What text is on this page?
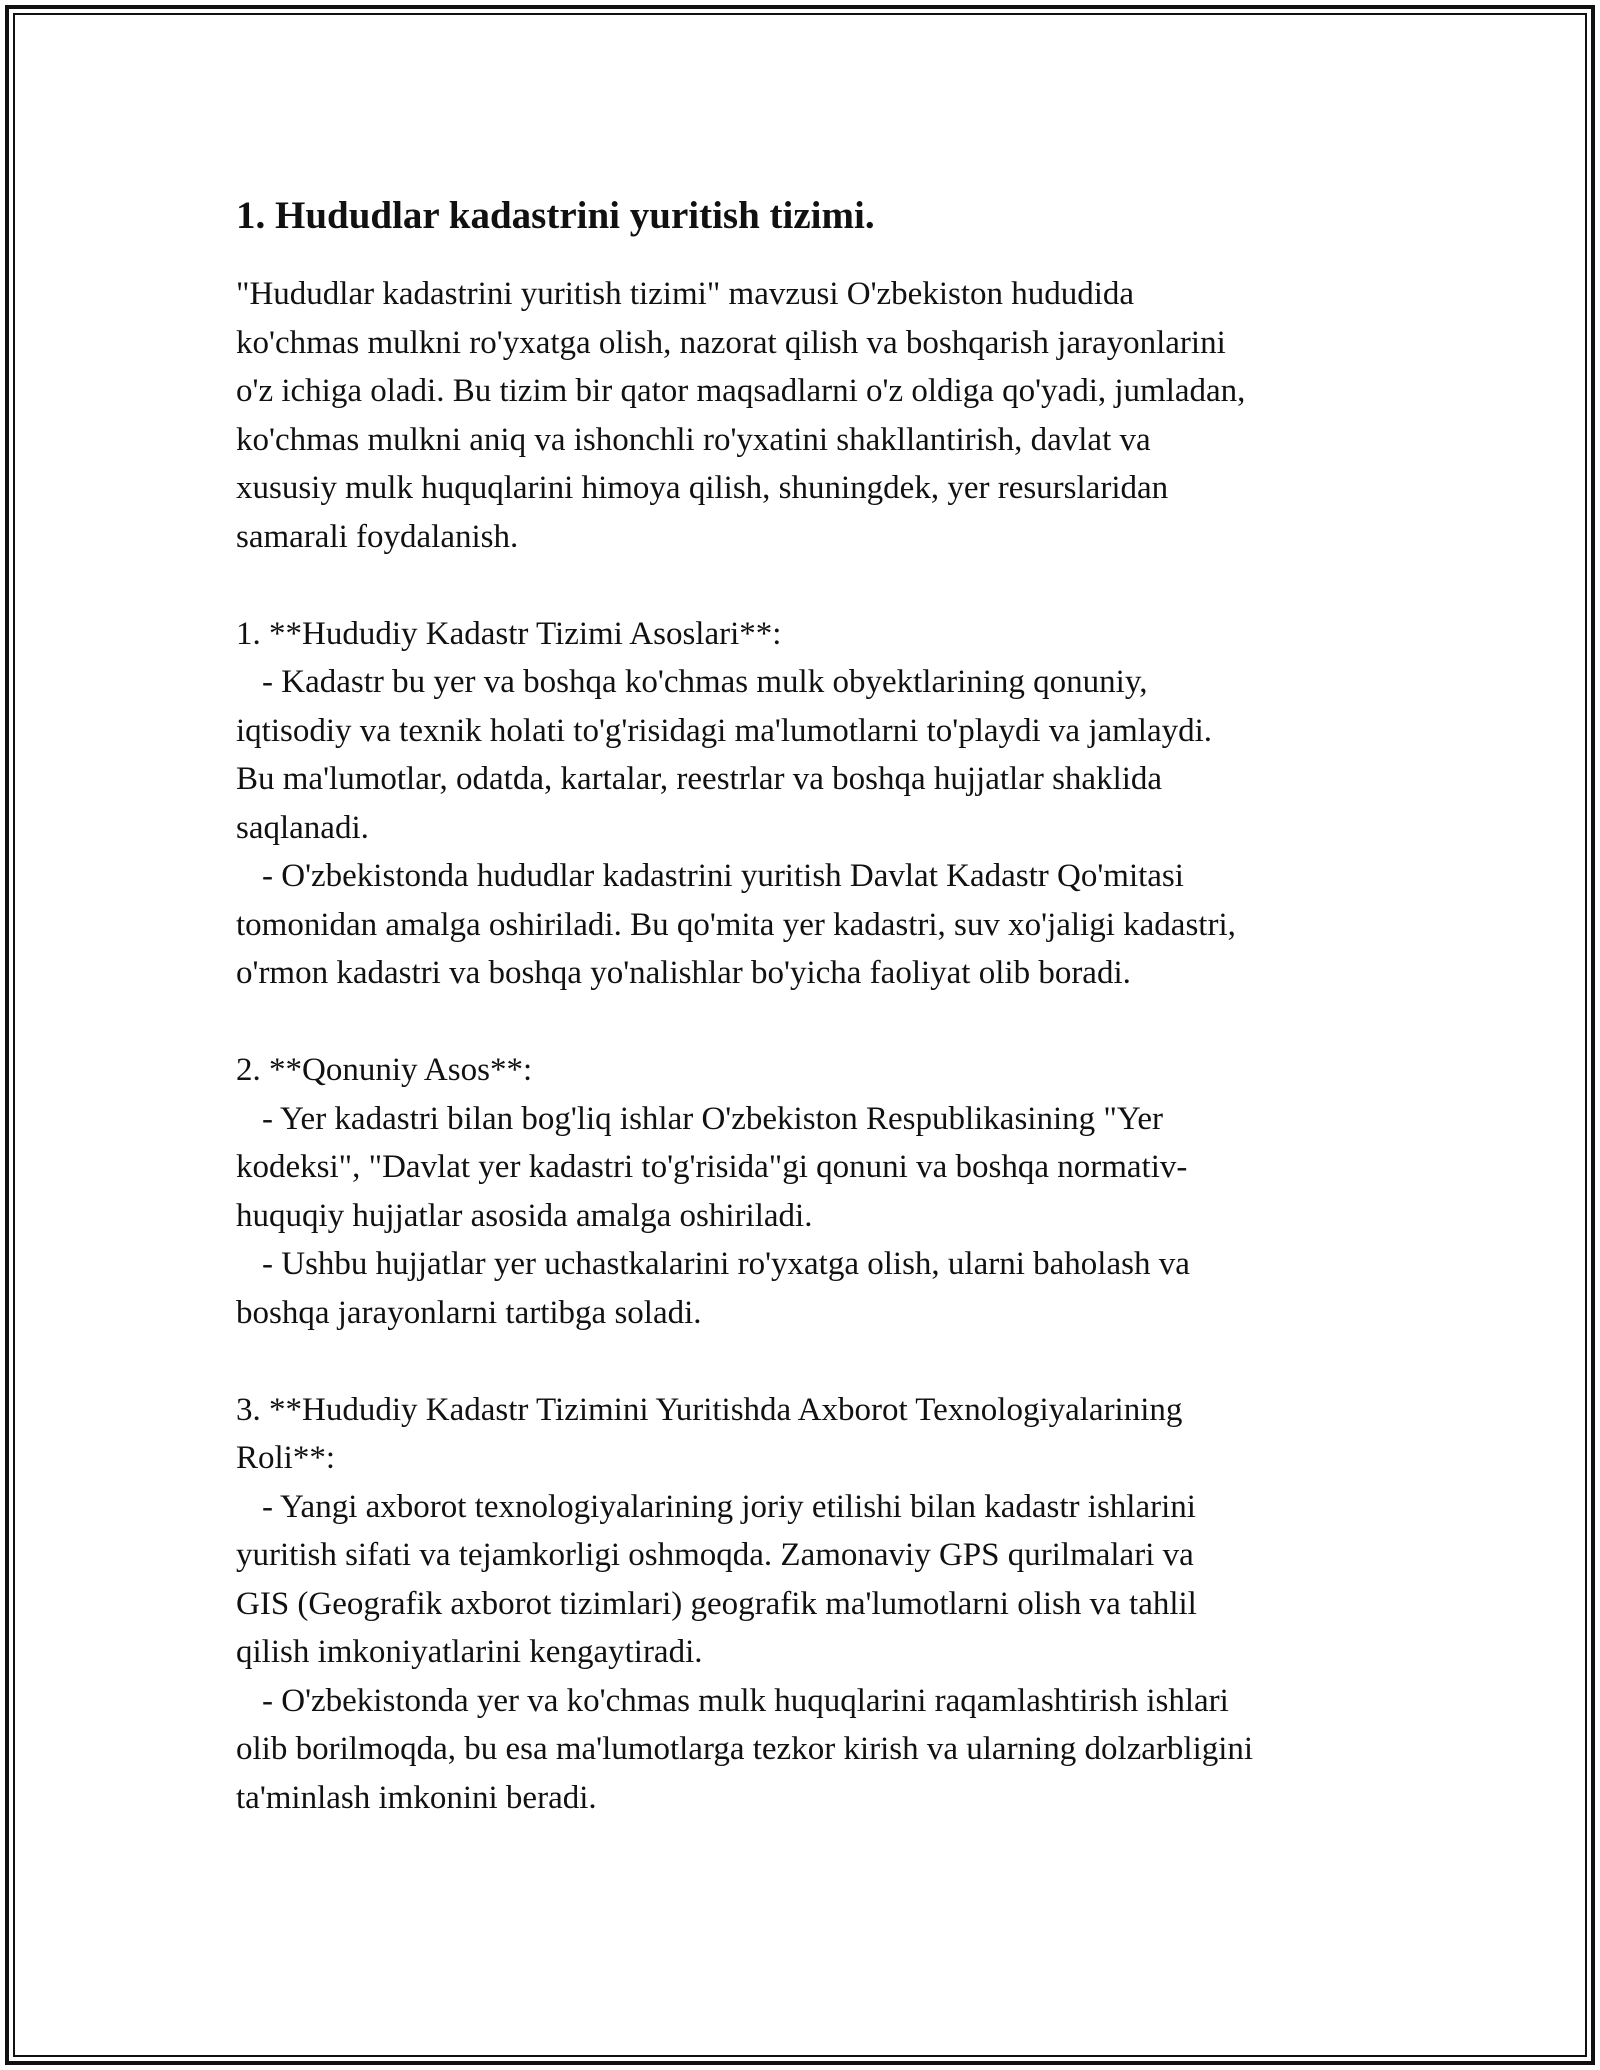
1. Hududlar kadastrini yuritish tizimi.

"Hududlar kadastrini yuritish tizimi" mavzusi O'zbekiston hududida
ko'chmas mulkni ro'yxatga olish, nazorat qilish va boshqarish jarayonlarini
o'z ichiga oladi. Bu tizim bir qator maqsadlarni o'z oldiga qo'yadi, jumladan,
ko'chmas mulkni aniq va ishonchli ro'yxatini shakllantirish, davlat va
xususiy mulk huquqlarini himoya qilish, shuningdek, yer resurslaridan
samarali foydalanish.

1. **Hududiy Kadastr Tizimi Asoslari**:

- Kadastr bu yer va boshqa ko'chmas mulk obyektlarining qonuniy,
iqtisodiy va texnik holati to'g'risidagi ma'lumotlarni to'playdi va jamlaydi.
Bu ma'lumotlar, odatda, kartalar, reestrlar va boshqa hujjatlar shaklida
saqlanadi.

- O'zbekistonda hududlar kadastrini yuritish Davlat Kadastr Qo'mitasi
tomonidan amalga oshiriladi. Bu qo'mita yer kadastri, suv xo'jaligi kadastri,
o'rmon kadastri va boshqa yo'nalishlar bo'yicha faoliyat olib boradi.

2. **Qonuniy Asos**:

- Yer kadastri bilan bog'liq ishlar O'zbekiston Respublikasining "Yer
kodeksi", "Davlat yer kadastri to'g'risida"gi qonuni va boshqa normativ-
huquqiy hujjatlar asosida amalga oshiriladi.

- Ushbu hujjatlar yer uchastkalarini ro'yxatga olish, ularni baholash va
boshqa jarayonlarni tartibga soladi.

3. **Hududiy Kadastr Tizimini Yuritishda Axborot Texnologiyalarining
Roli**:

- Yangi axborot texnologiyalarining joriy etilishi bilan kadastr ishlarini
yuritish sifati va tejamkorligi oshmoqda. Zamonaviy GPS qurilmalari va
GIS (Geografik axborot tizimlari) geografik ma'lumotlarni olish va tahlil
qilish imkoniyatlarini kengaytiradi.

- O'zbekistonda yer va ko'chmas mulk huquqlarini raqamlashtirish ishlari
olib borilmoqda, bu esa ma'lumotlarga tezkor kirish va ularning dolzarbligini
ta'minlash imkonini beradi.
